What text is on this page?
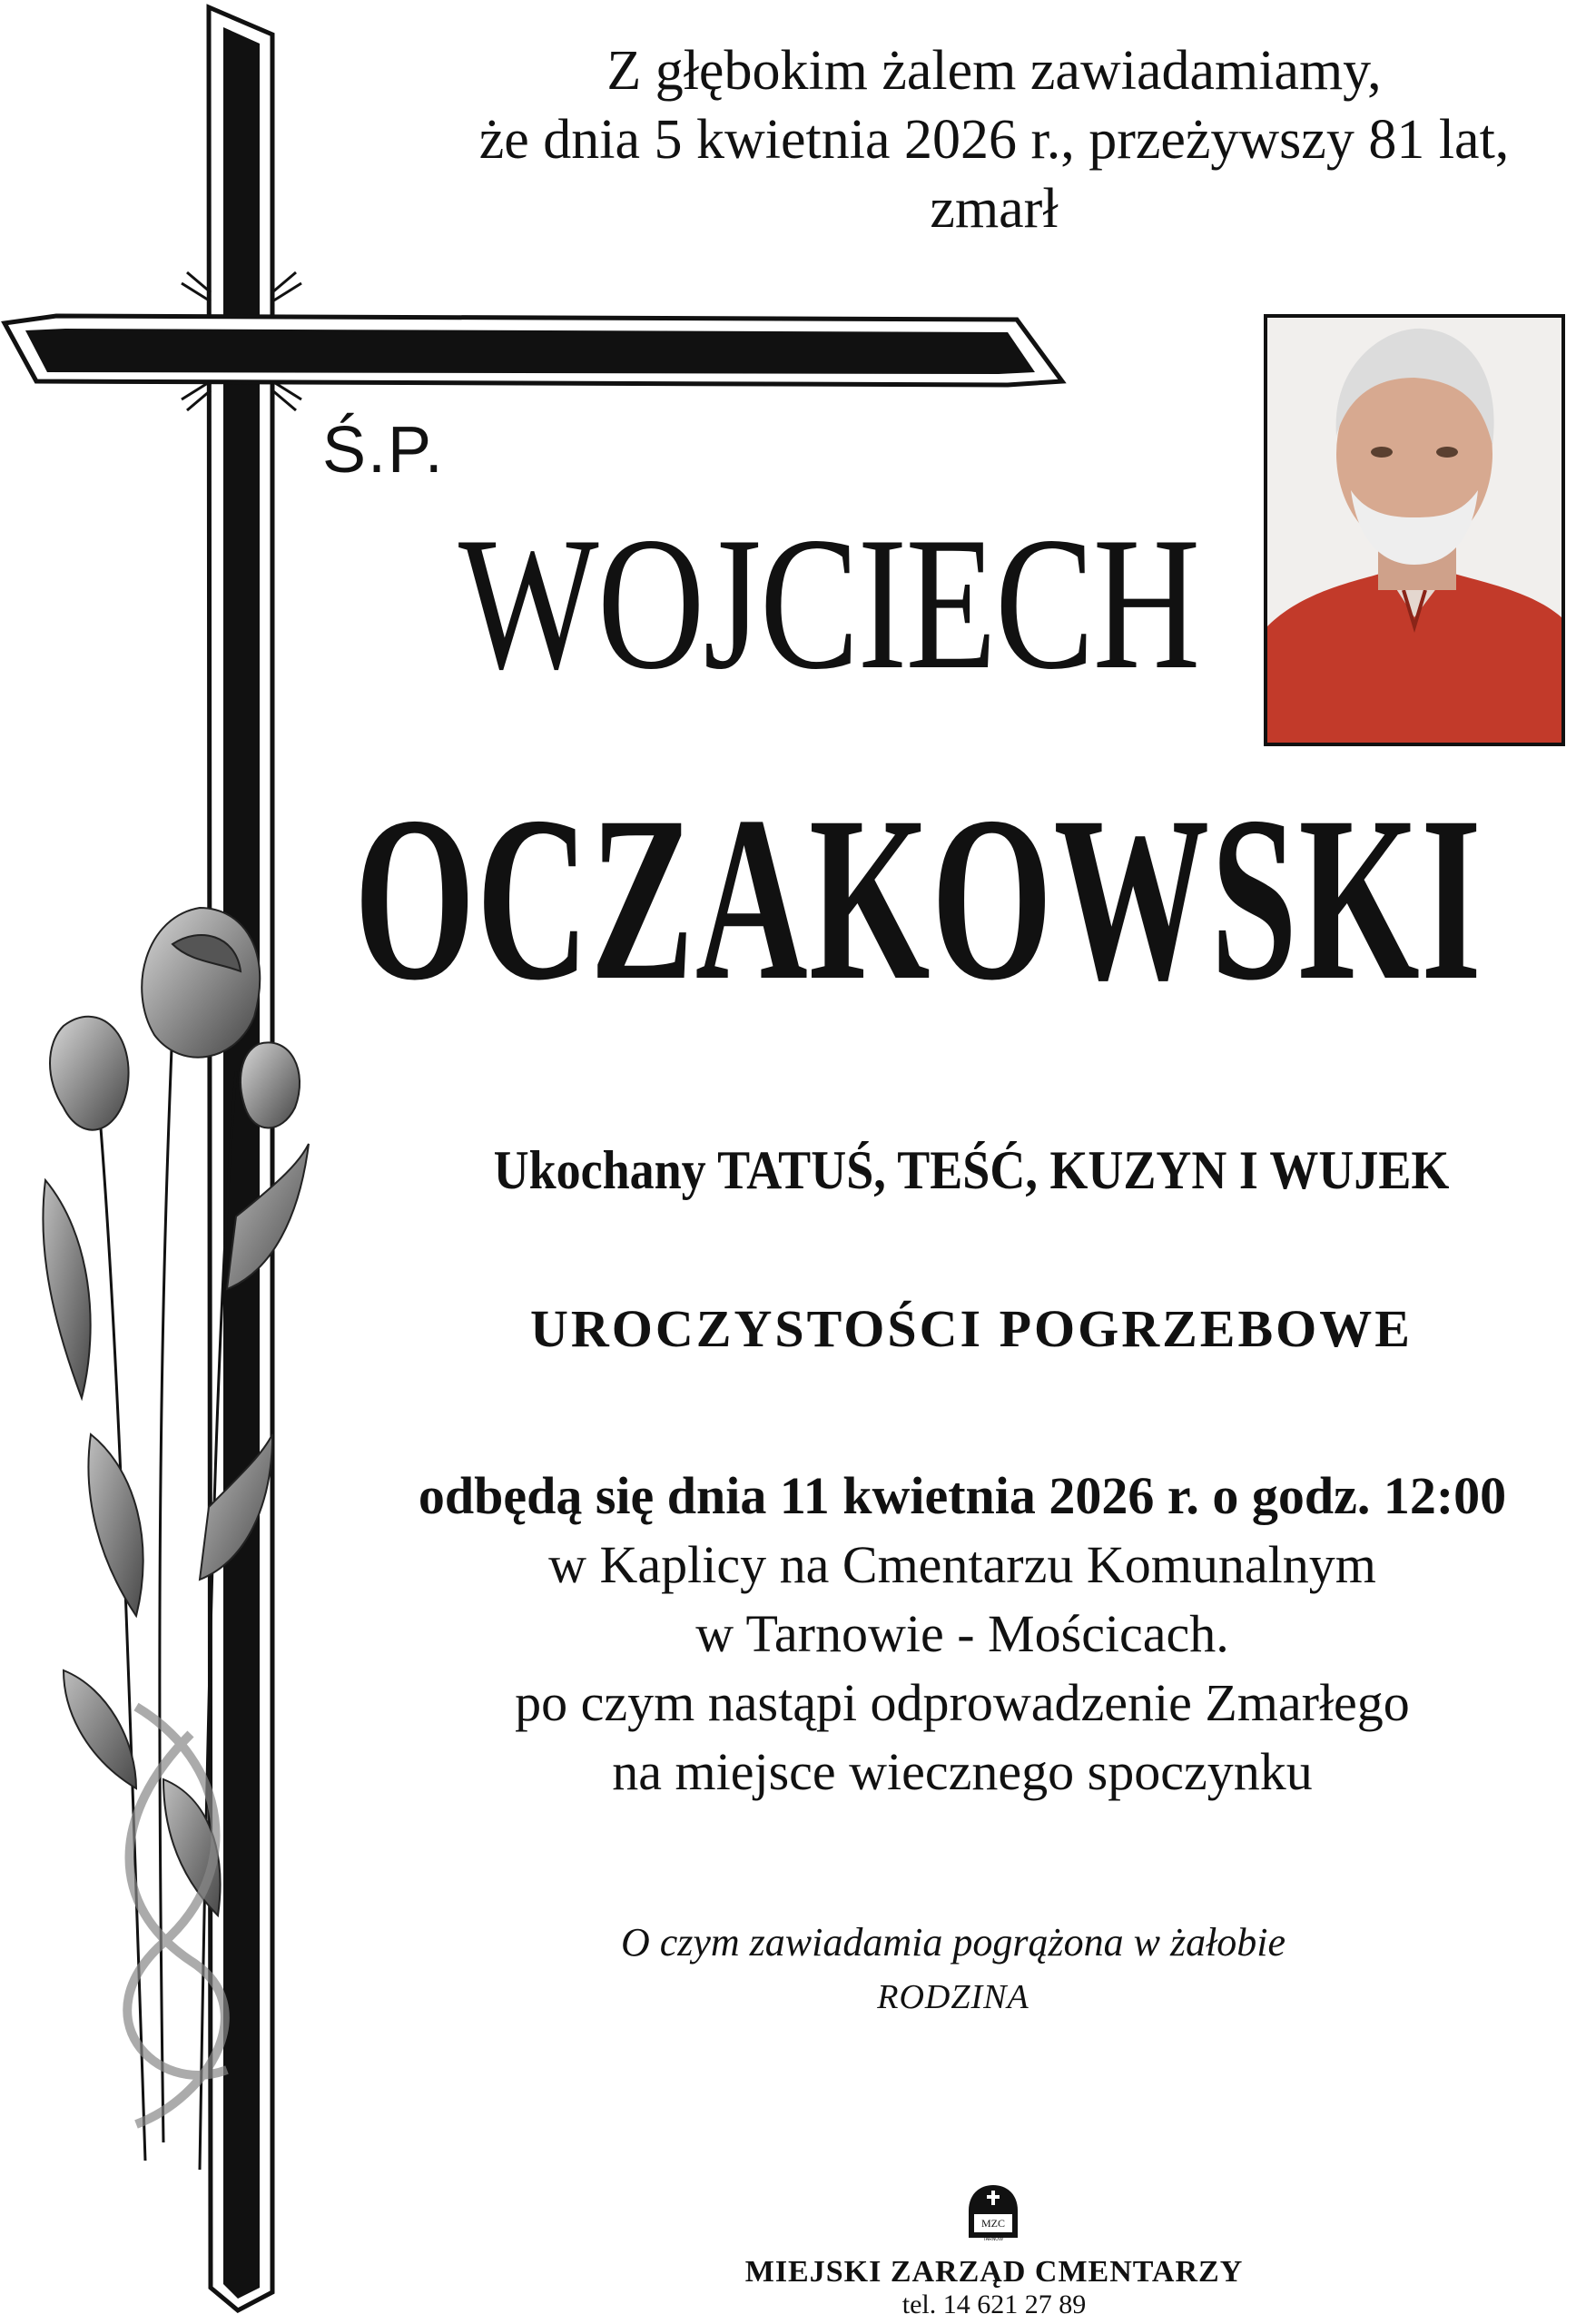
Z głębokim żalem zawiadamiamy,
że dnia 5 kwietnia 2026 r., przeżywszy 81 lat,
zmarł
Ś.P.
WOJCIECH
OCZAKOWSKI
Ukochany TATUŚ, TEŚĆ, KUZYN I WUJEK
UROCZYSTOŚCI POGRZEBOWE
odbędą się dnia 11 kwietnia 2026 r. o godz. 12:00
w Kaplicy na Cmentarzu Komunalnym
w Tarnowie - Mościcach.
po czym nastąpi odprowadzenie Zmarłego
na miejsce wiecznego spoczynku
O czym zawiadamia pogrążona w żałobie
RODZINA
MZC
TARNÓW
MIEJSKI ZARZĄD CMENTARZY
tel. 14 621 27 89
